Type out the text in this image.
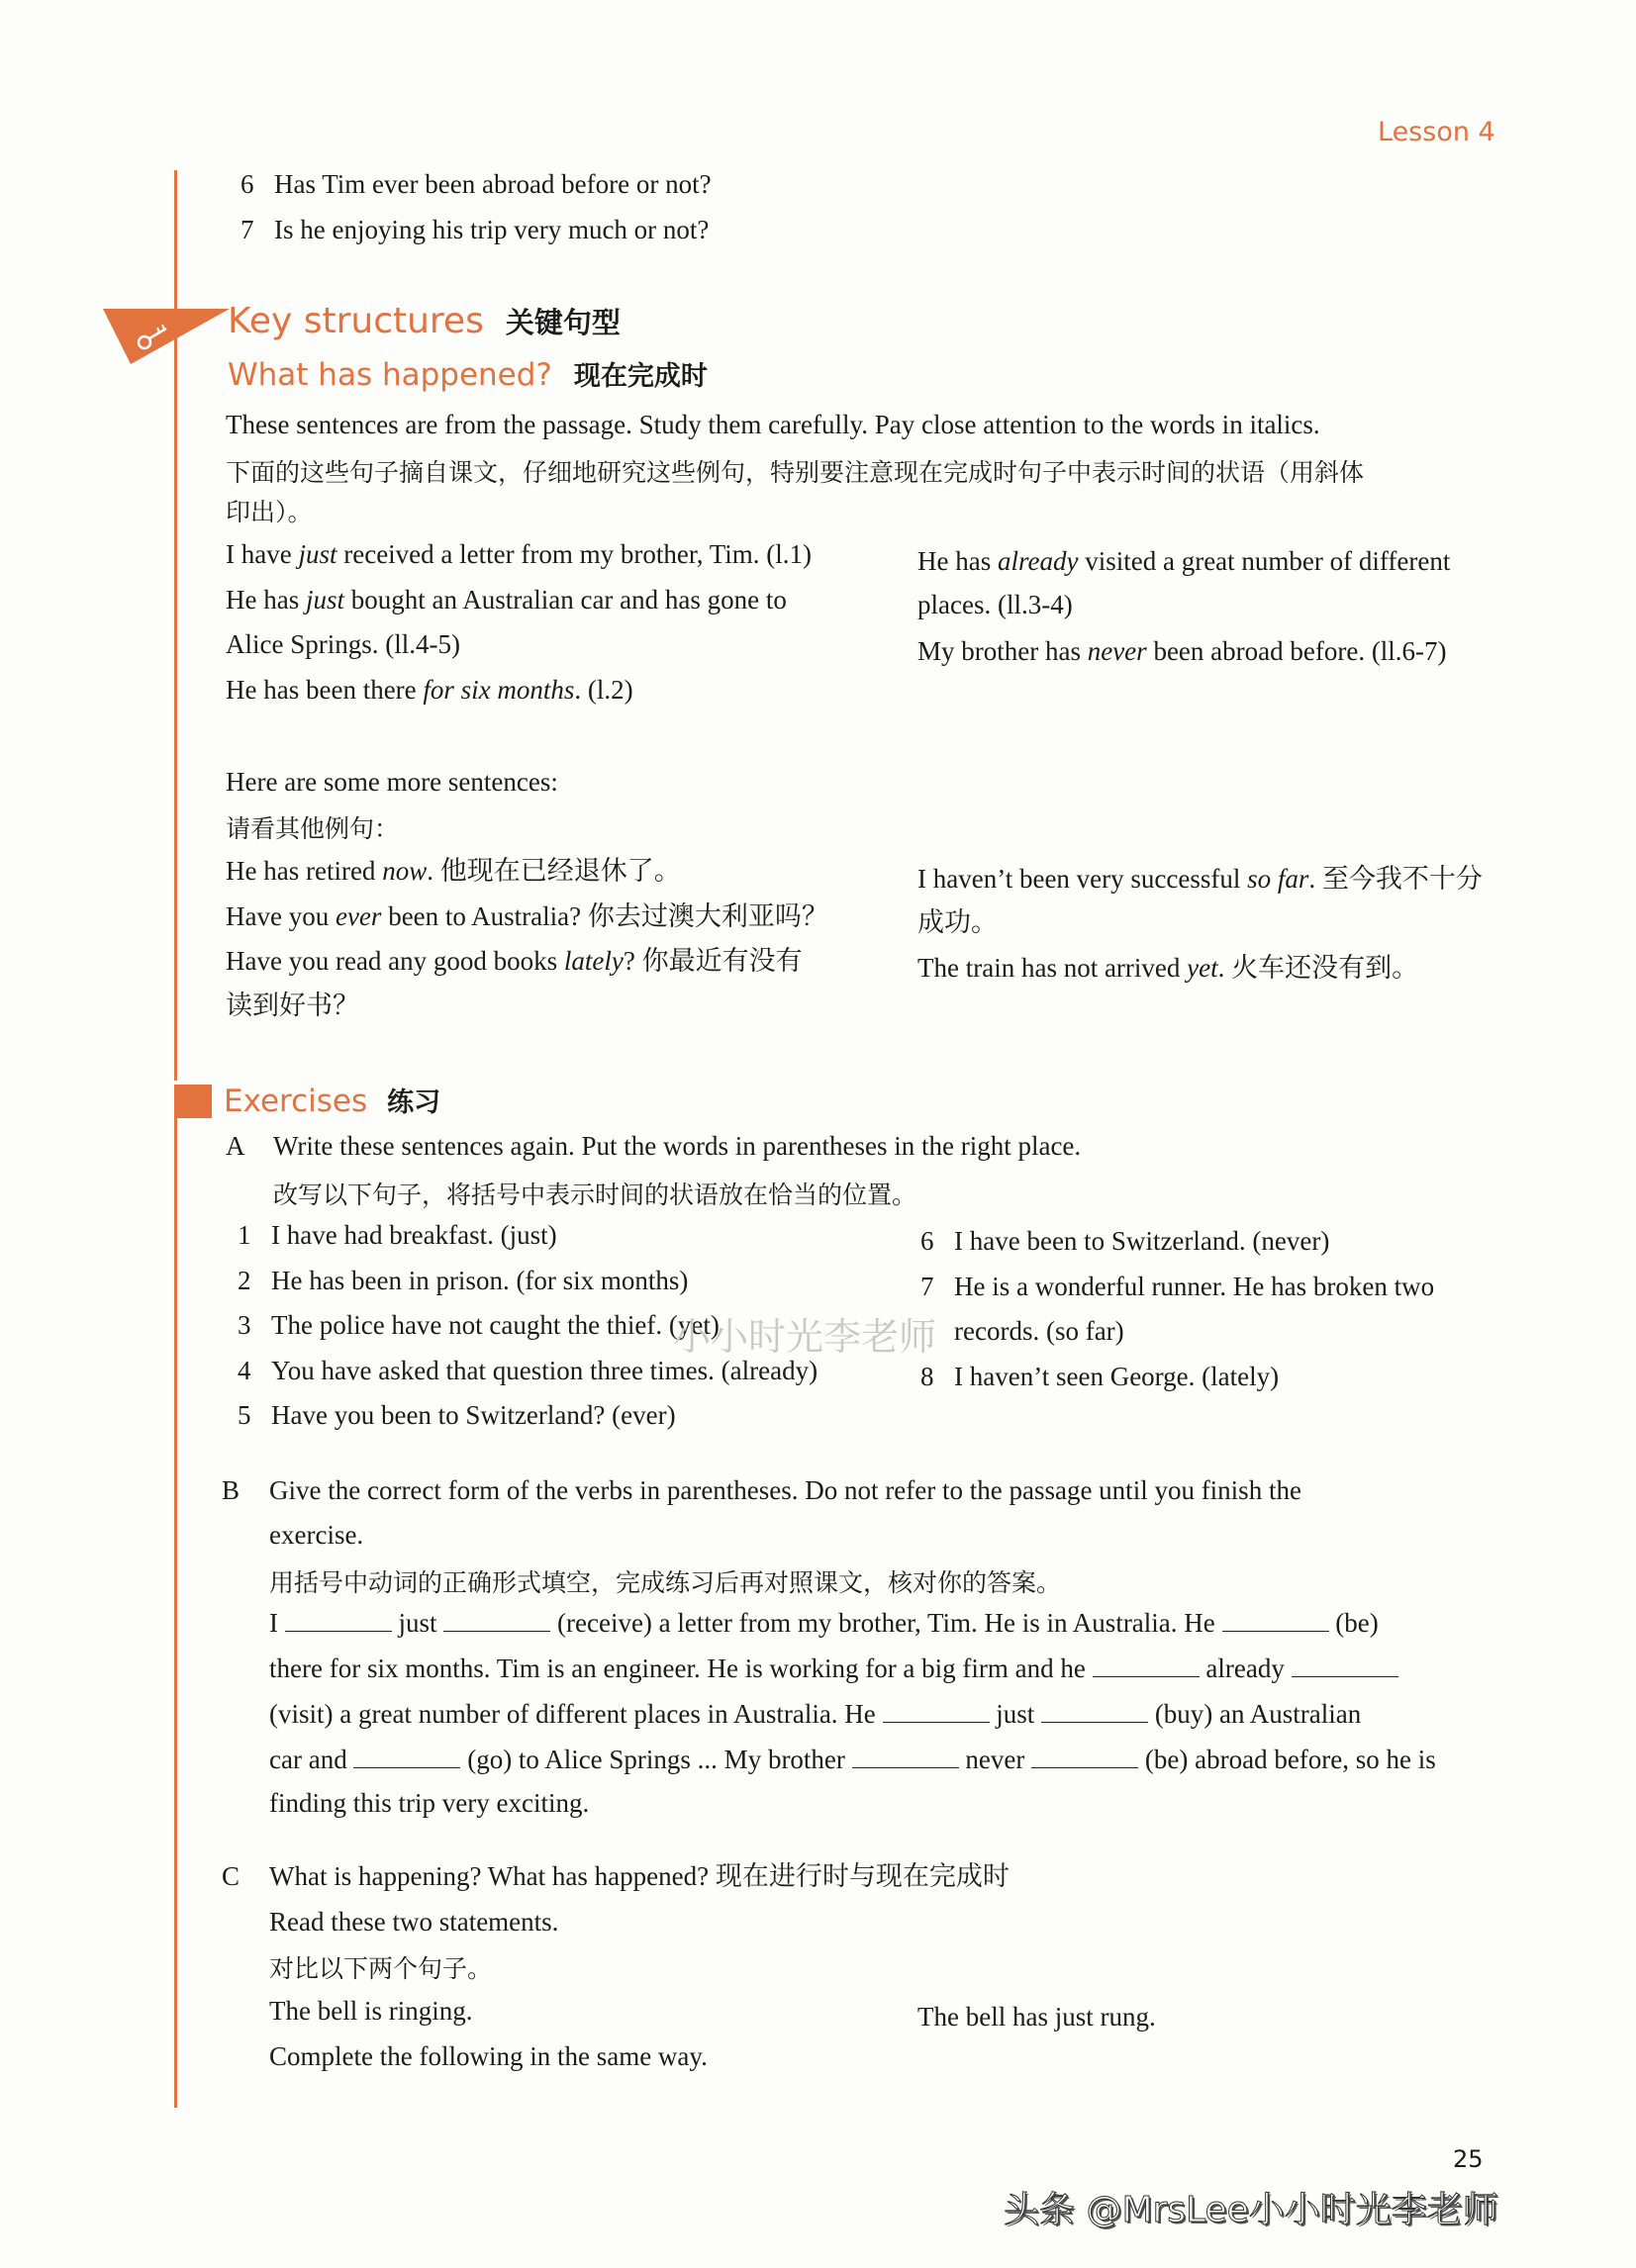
Lesson 4
6 Has Tim ever been abroad before or not?
7 Is he enjoying his trip very much or not?
Key structures 关键句型
What has happened? 现在完成时
These sentences are from the passage. Study them carefully. Pay close attention to the words in italics.
下面的这些句子摘自课文，仔细地研究这些例句，特别要注意现在完成时句子中表示时间的状语（用斜体
印出）。
I have just received a letter from my brother, Tim. (l.1)
He has just bought an Australian car and has gone to
Alice Springs. (ll.4-5)
He has been there for six months. (l.2)
He has already visited a great number of different
places. (ll.3-4)
My brother has never been abroad before. (ll.6-7)
Here are some more sentences:
请看其他例句：
He has retired now. 他现在已经退休了。
Have you ever been to Australia? 你去过澳大利亚吗？
Have you read any good books lately? 你最近有没有
读到好书？
I haven’t been very successful so far. 至今我不十分
成功。
The train has not arrived yet. 火车还没有到。
Exercises 练习
A Write these sentences again. Put the words in parentheses in the right place.
改写以下句子，将括号中表示时间的状语放在恰当的位置。
1 I have had breakfast. (just)
2 He has been in prison. (for six months)
3 The police have not caught the thief. (yet)
4 You have asked that question three times. (already)
5 Have you been to Switzerland? (ever)
6 I have been to Switzerland. (never)
7 He is a wonderful runner. He has broken two
records. (so far)
8 I haven’t seen George. (lately)
小小时光李老师
B Give the correct form of the verbs in parentheses. Do not refer to the passage until you finish the
exercise.
用括号中动词的正确形式填空，完成练习后再对照课文，核对你的答案。
I	just	(receive) a letter from my brother, Tim. He is in Australia. He	(be)
there for six months. Tim is an engineer. He is working for a big firm and he	already
(visit) a great number of different places in Australia. He	just	(buy) an Australian
car and	(go) to Alice Springs ... My brother	never	(be) abroad before, so he is
finding this trip very exciting.
C What is happening? What has happened? 现在进行时与现在完成时
Read these two statements.
对比以下两个句子。
The bell is ringing.	The bell has just rung.
Complete the following in the same way.
25
头条 @MrsLee小小时光李老师
